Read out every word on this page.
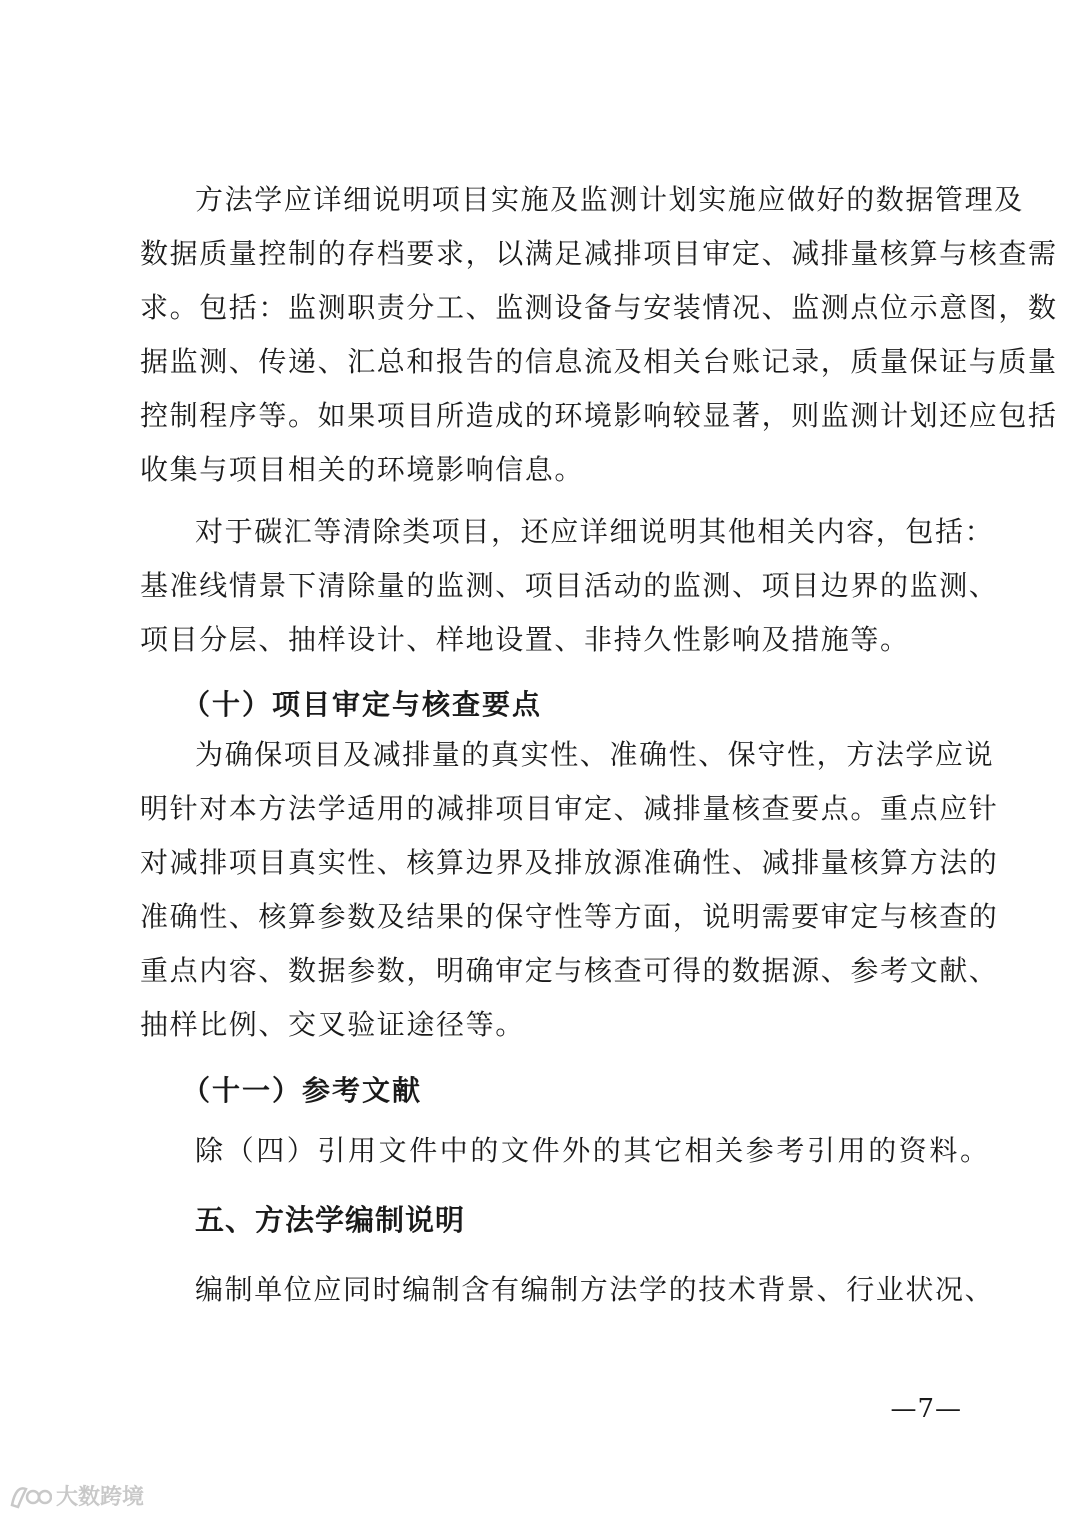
方法学应详细说明项目实施及监测计划实施应做好的数据管理及
数据质量控制的存档要求，以满足减排项目审定、减排量核算与核查需
求。包括：监测职责分工、监测设备与安装情况、监测点位示意图，数
据监测、传递、汇总和报告的信息流及相关台账记录，质量保证与质量
控制程序等。如果项目所造成的环境影响较显著，则监测计划还应包括
收集与项目相关的环境影响信息。
对于碳汇等清除类项目，还应详细说明其他相关内容，包括：
基准线情景下清除量的监测、项目活动的监测、项目边界的监测、
项目分层、抽样设计、样地设置、非持久性影响及措施等。
（十）项目审定与核查要点
为确保项目及减排量的真实性、准确性、保守性，方法学应说
明针对本方法学适用的减排项目审定、减排量核查要点。重点应针
对减排项目真实性、核算边界及排放源准确性、减排量核算方法的
准确性、核算参数及结果的保守性等方面，说明需要审定与核查的
重点内容、数据参数，明确审定与核查可得的数据源、参考文献、
抽样比例、交叉验证途径等。
（十一）参考文献
除（四）引用文件中的文件外的其它相关参考引用的资料。
五、方法学编制说明
编制单位应同时编制含有编制方法学的技术背景、行业状况、
—7—
大数跨境
